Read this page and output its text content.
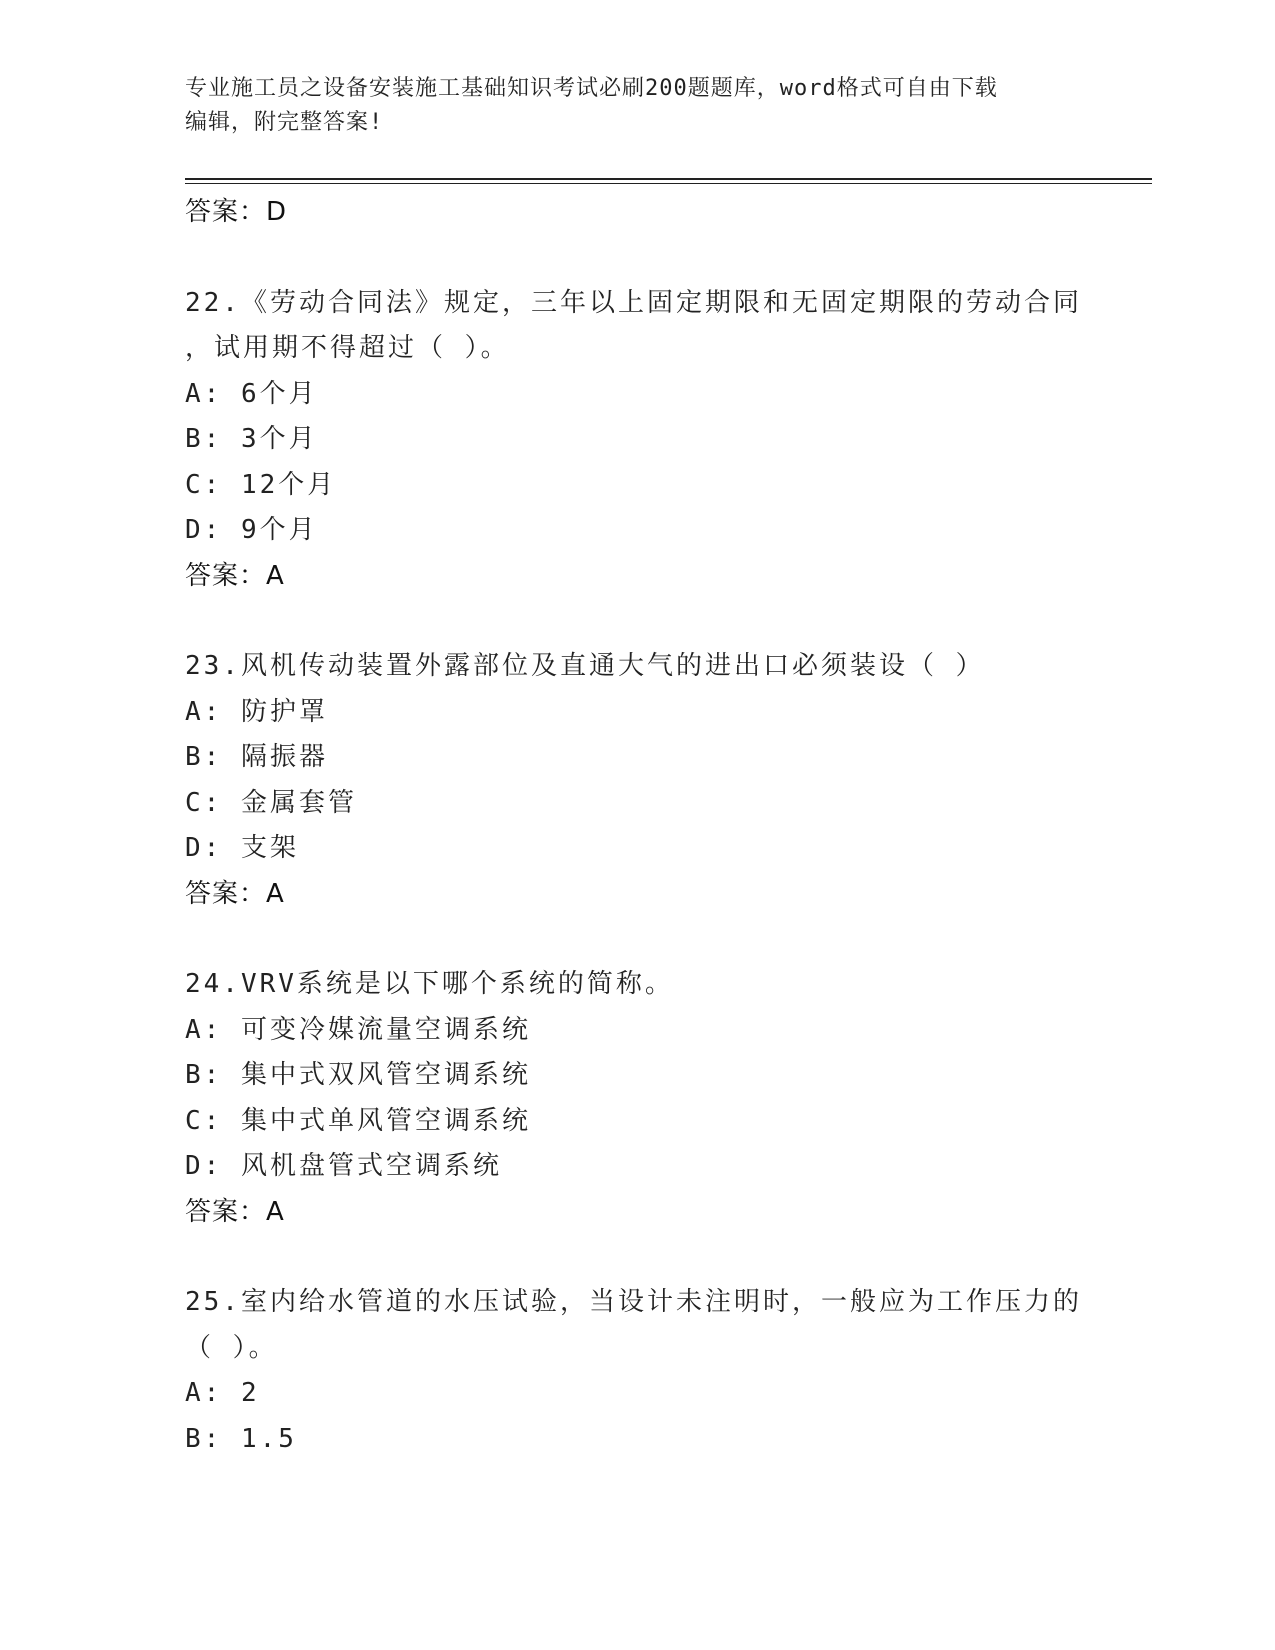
专业施工员之设备安装施工基础知识考试必刷200题题库，word格式可自由下载
编辑，附完整答案!
答案：D
22.《劳动合同法》规定，三年以上固定期限和无固定期限的劳动合同
，试用期不得超过（ ）。
A: 6个月
B: 3个月
C: 12个月
D: 9个月
答案：A
23.风机传动装置外露部位及直通大气的进出口必须装设（ ）
A: 防护罩
B: 隔振器
C: 金属套管
D: 支架
答案：A
24.VRV系统是以下哪个系统的简称。
A: 可变冷媒流量空调系统
B: 集中式双风管空调系统
C: 集中式单风管空调系统
D: 风机盘管式空调系统
答案：A
25.室内给水管道的水压试验，当设计未注明时，一般应为工作压力的
（ ）。
A: 2
B: 1.5
